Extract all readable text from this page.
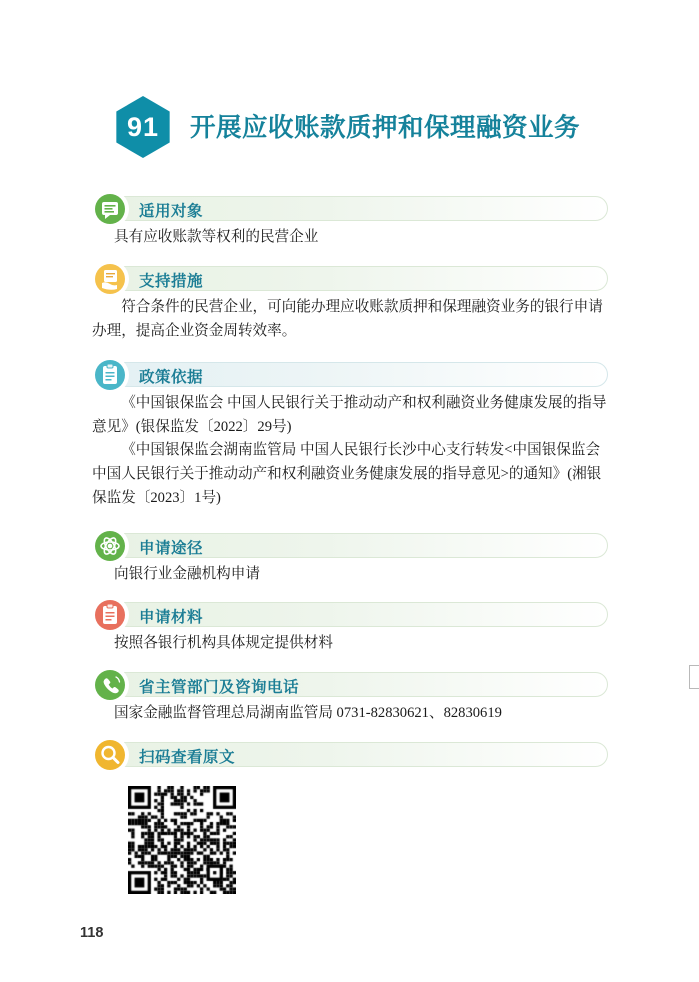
91	开展应收账款质押和保理融资业务
适用对象
具有应收账款等权利的民营企业
支持措施
符合条件的民营企业，可向能办理应收账款质押和保理融资业务的银行申请办理，提高企业资金周转效率。
政策依据
《中国银保监会 中国人民银行关于推动动产和权利融资业务健康发展的指导意见》(银保监发〔2022〕29号)
《中国银保监会湖南监管局 中国人民银行长沙中心支行转发<中国银保监会 中国人民银行关于推动动产和权利融资业务健康发展的指导意见>的通知》(湘银保监发〔2023〕1号)
申请途径
向银行业金融机构申请
申请材料
按照各银行机构具体规定提供材料
省主管部门及咨询电话
国家金融监督管理总局湖南监管局 0731-82830621、82830619
扫码查看原文
118
